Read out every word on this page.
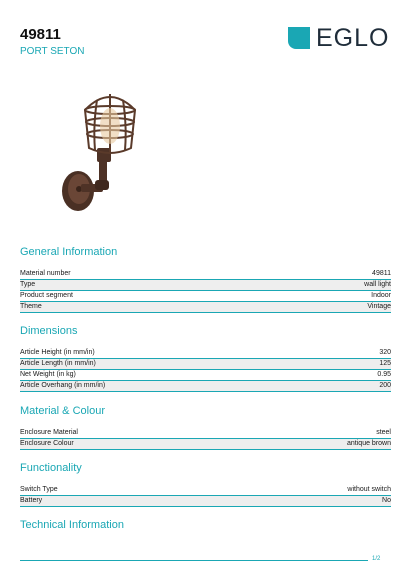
49811
PORT SETON	EGLO
General Information
Material number	49811
Type	wall light
Product segment	Indoor
Theme	Vintage
Dimensions
Article Height (in mm/in)	320
Article Length (in mm/in)	125
Net Weight (in kg)	0.95
Article Overhang (in mm/in)	200
Material & Colour
Enclosure Material	steel
Enclosure Colour	antique brown
Functionality
Switch Type	without switch
Battery	No
Technical Information
1/2
